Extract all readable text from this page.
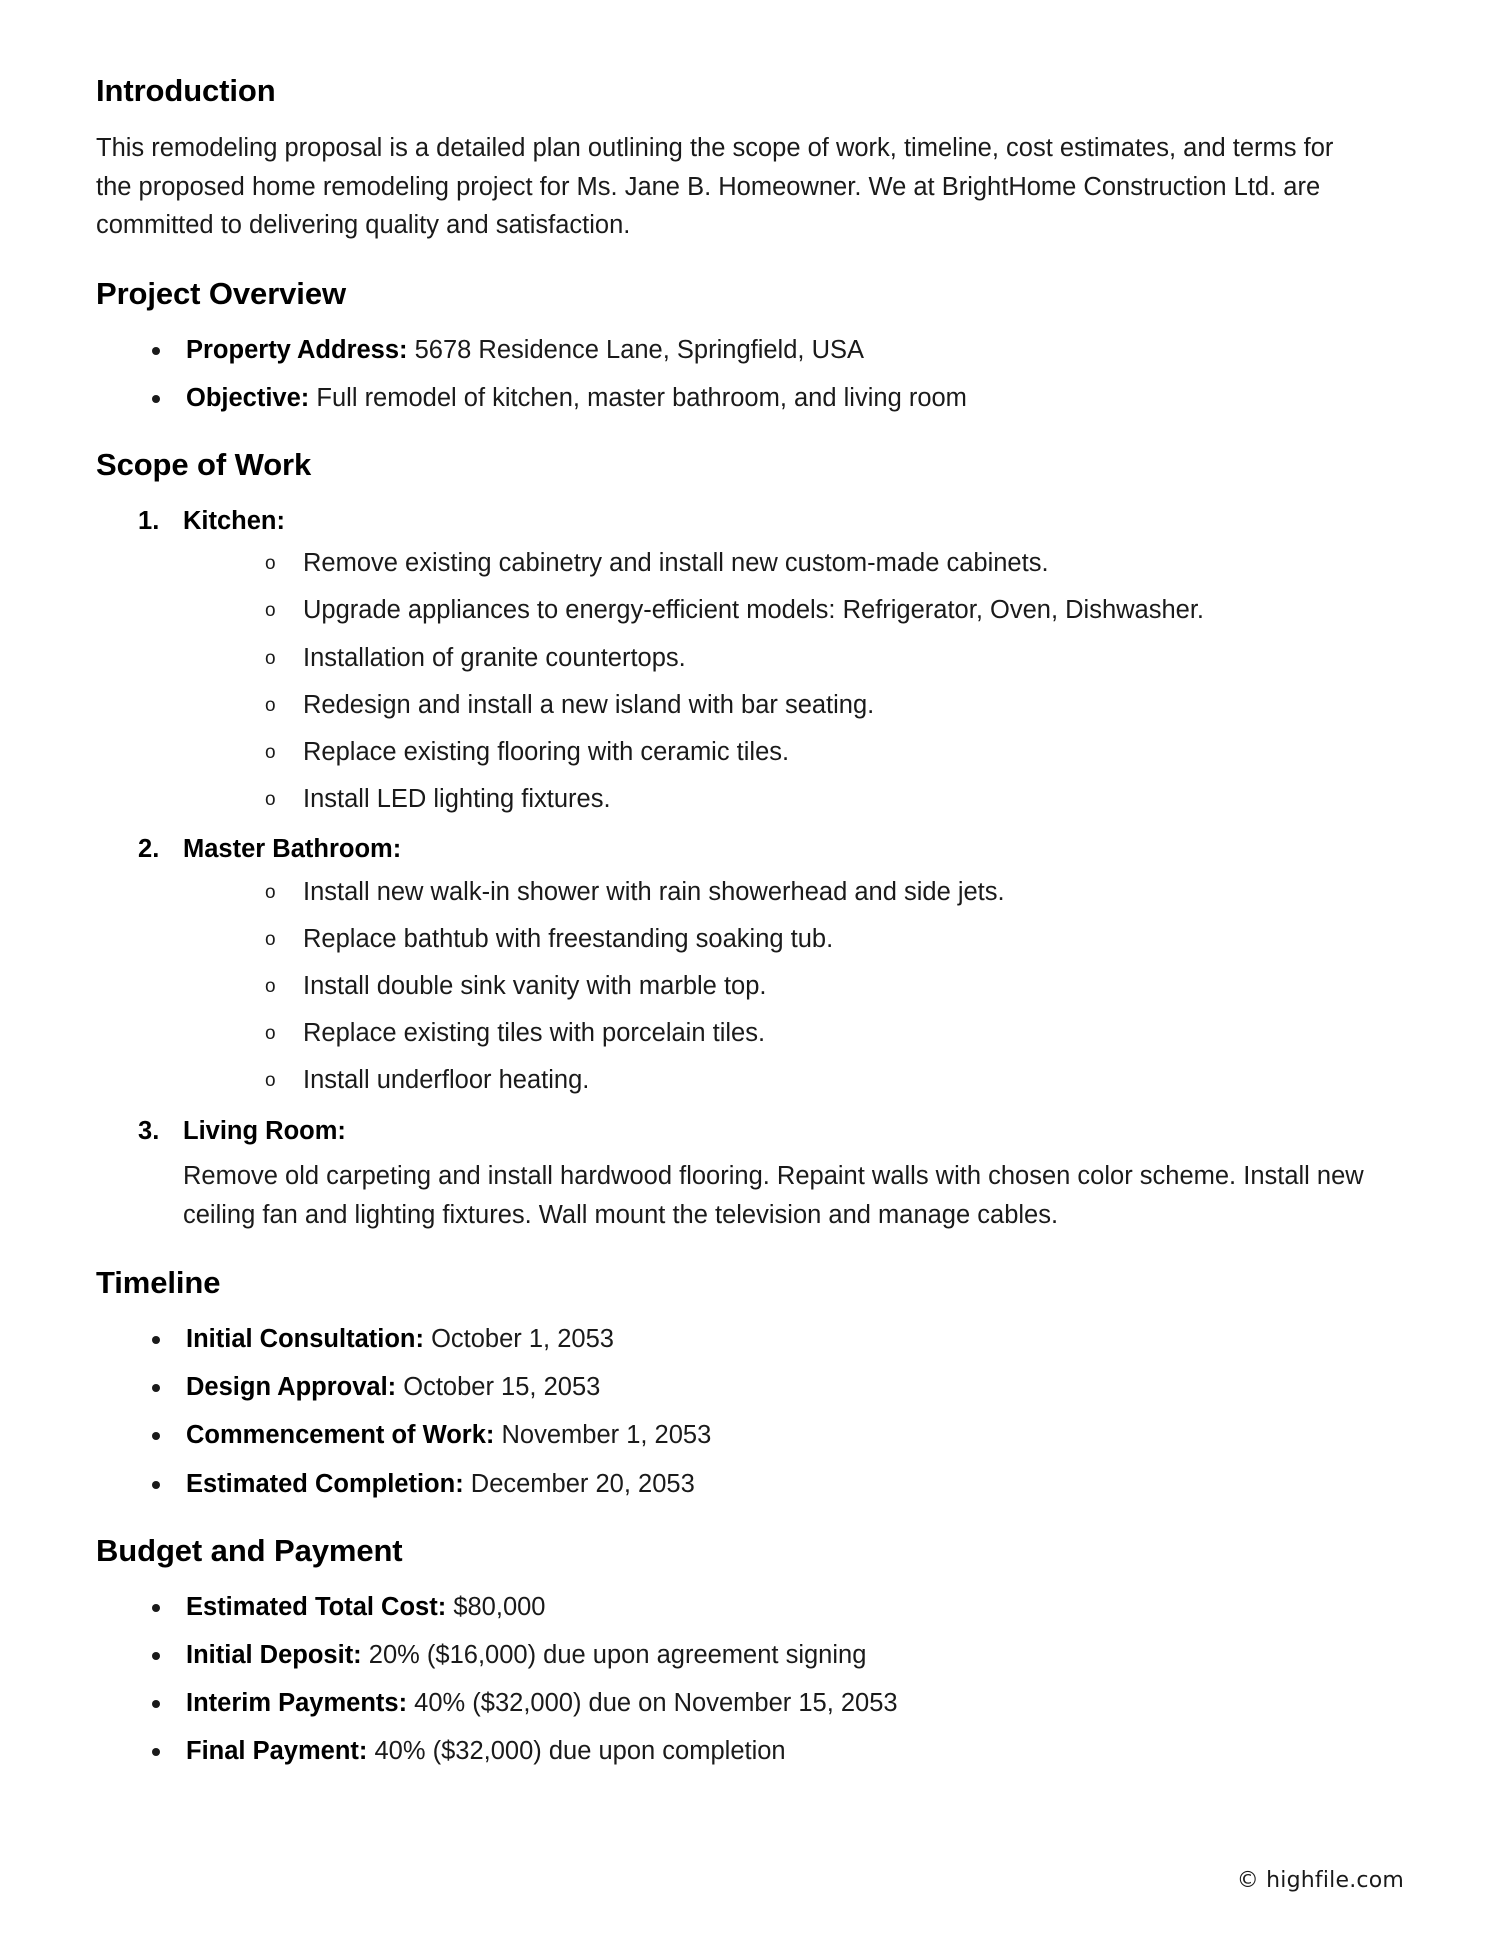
Introduction

This remodeling proposal is a detailed plan outlining the scope of work, timeline, cost estimates, and terms for the proposed home remodeling project for Ms. Jane B. Homeowner. We at BrightHome Construction Ltd. are committed to delivering quality and satisfaction.

Project Overview
Property Address: 5678 Residence Lane, Springfield, USA
Objective: Full remodel of kitchen, master bathroom, and living room
Scope of Work
Kitchen:
o Remove existing cabinetry and install new custom-made cabinets.
o Upgrade appliances to energy-efficient models: Refrigerator, Oven, Dishwasher.
o Installation of granite countertops.
o Redesign and install a new island with bar seating.
o Replace existing flooring with ceramic tiles.
o Install LED lighting fixtures.
Master Bathroom:
o Install new walk-in shower with rain showerhead and side jets.
o Replace bathtub with freestanding soaking tub.
o Install double sink vanity with marble top.
o Replace existing tiles with porcelain tiles.
o Install underfloor heating.
Living Room:

Remove old carpeting and install hardwood flooring. Repaint walls with chosen color scheme. Install new ceiling fan and lighting fixtures. Wall mount the television and manage cables.

Timeline
Initial Consultation: October 1, 2053
Design Approval: October 15, 2053
Commencement of Work: November 1, 2053
Estimated Completion: December 20, 2053
Budget and Payment
Estimated Total Cost: $80,000
Initial Deposit: 20% ($16,000) due upon agreement signing
Interim Payments: 40% ($32,000) due on November 15, 2053
Final Payment: 40% ($32,000) due upon completion
© highfile.com
